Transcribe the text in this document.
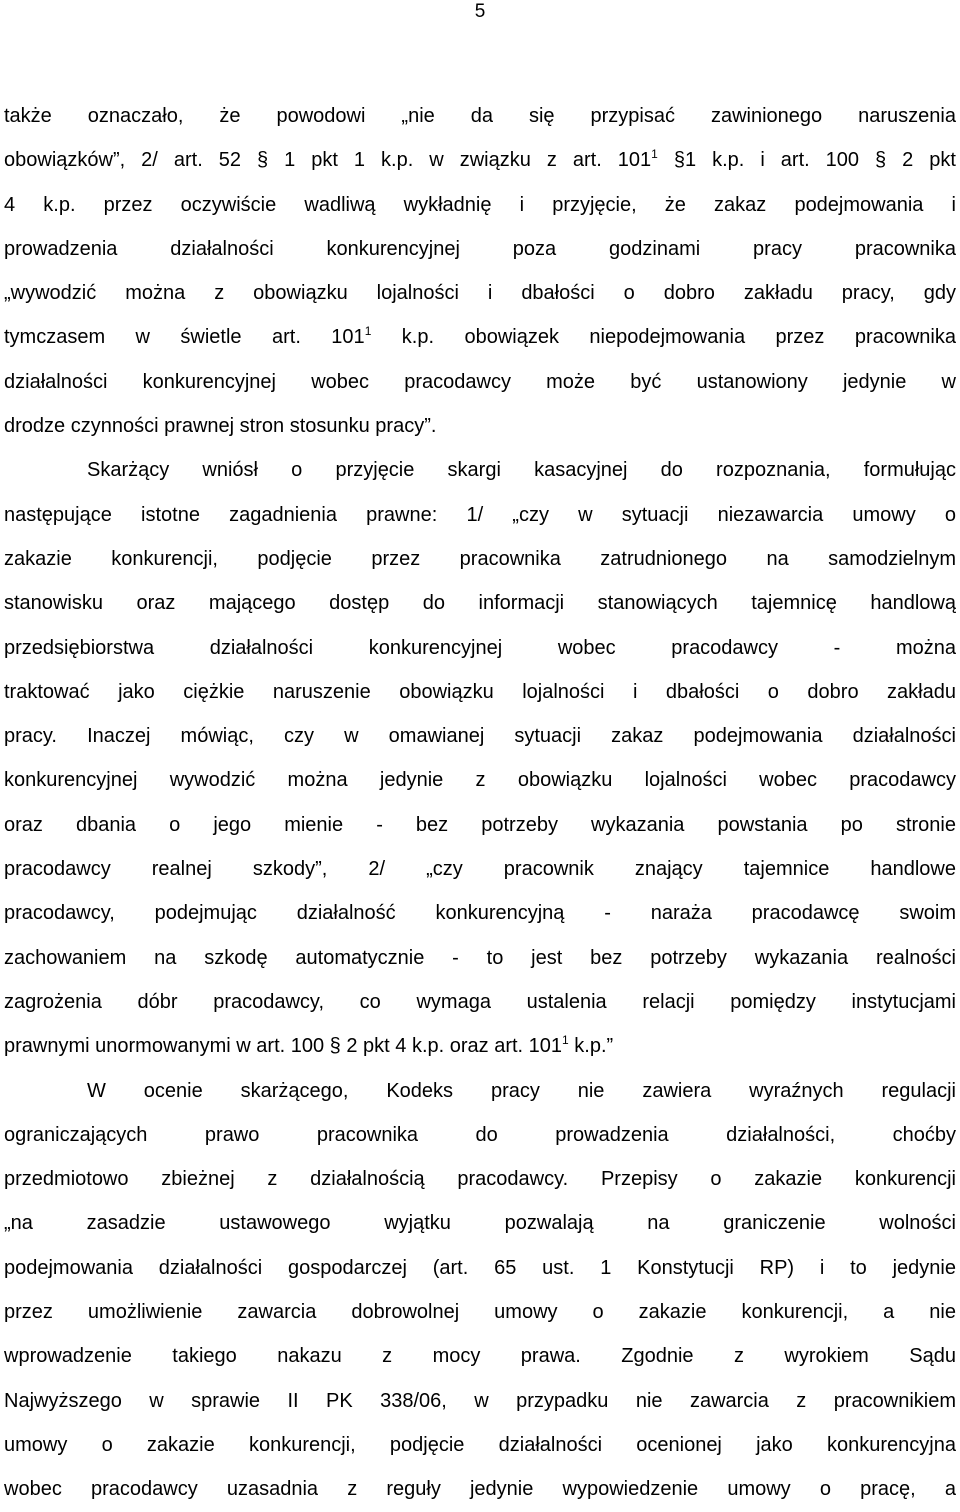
5
także oznaczało, że powodowi „nie da się przypisać zawinionego naruszenia
obowiązków”, 2/ art. 52 § 1 pkt 1 k.p. w związku z art. $101^1$ §1 k.p. i art. 100 § 2 pkt
4 k.p. przez oczywiście wadliwą wykładnię i przyjęcie, że zakaz podejmowania i
prowadzenia działalności konkurencyjnej poza godzinami pracy pracownika
„wywodzić można z obowiązku lojalności i dbałości o dobro zakładu pracy, gdy
tymczasem w świetle art. $101^1$ k.p. obowiązek niepodejmowania przez pracownika
działalności konkurencyjnej wobec pracodawcy może być ustanowiony jedynie w
drodze czynności prawnej stron stosunku pracy”.
Skarżący wniósł o przyjęcie skargi kasacyjnej do rozpoznania, formułując
następujące istotne zagadnienia prawne: 1/ „czy w sytuacji niezawarcia umowy o
zakazie konkurencji, podjęcie przez pracownika zatrudnionego na samodzielnym
stanowisku oraz mającego dostęp do informacji stanowiących tajemnicę handlową
przedsiębiorstwa działalności konkurencyjnej wobec pracodawcy - można
traktować jako ciężkie naruszenie obowiązku lojalności i dbałości o dobro zakładu
pracy. Inaczej mówiąc, czy w omawianej sytuacji zakaz podejmowania działalności
konkurencyjnej wywodzić można jedynie z obowiązku lojalności wobec pracodawcy
oraz dbania o jego mienie - bez potrzeby wykazania powstania po stronie
pracodawcy realnej szkody”, 2/ „czy pracownik znający tajemnice handlowe
pracodawcy, podejmując działalność konkurencyjną - naraża pracodawcę swoim
zachowaniem na szkodę automatycznie - to jest bez potrzeby wykazania realności
zagrożenia dóbr pracodawcy, co wymaga ustalenia relacji pomiędzy instytucjami
prawnymi unormowanymi w art. 100 § 2 pkt 4 k.p. oraz art. $101^1$ k.p.”
W ocenie skarżącego, Kodeks pracy nie zawiera wyraźnych regulacji
ograniczających prawo pracownika do prowadzenia działalności, choćby
przedmiotowo zbieżnej z działalnością pracodawcy. Przepisy o zakazie konkurencji
„na zasadzie ustawowego wyjątku pozwalają na graniczenie wolności
podejmowania działalności gospodarczej (art. 65 ust. 1 Konstytucji RP) i to jedynie
przez umożliwienie zawarcia dobrowolnej umowy o zakazie konkurencji, a nie
wprowadzenie takiego nakazu z mocy prawa. Zgodnie z wyrokiem Sądu
Najwyższego w sprawie II PK 338/06, w przypadku nie zawarcia z pracownikiem
umowy o zakazie konkurencji, podjęcie działalności ocenionej jako konkurencyjna
wobec pracodawcy uzasadnia z reguły jedynie wypowiedzenie umowy o pracę, a
